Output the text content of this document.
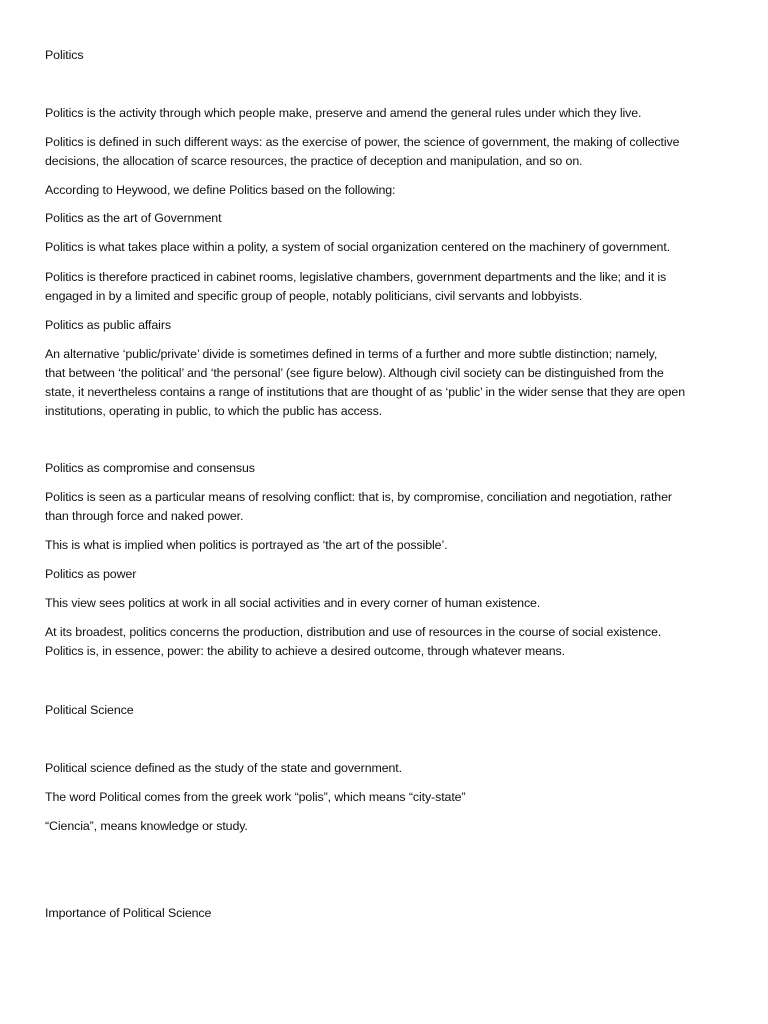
Politics
Politics is the activity through which people make, preserve and amend the general rules under which they live.
Politics is defined in such different ways: as the exercise of power, the science of government, the making of collective
decisions, the allocation of scarce resources, the practice of deception and manipulation, and so on.
According to Heywood, we define Politics based on the following:
Politics as the art of Government
Politics is what takes place within a polity, a system of social organization centered on the machinery of government.
Politics is therefore practiced in cabinet rooms, legislative chambers, government departments and the like; and it is
engaged in by a limited and specific group of people, notably politicians, civil servants and lobbyists.
Politics as public affairs
An alternative ‘public/private’ divide is sometimes defined in terms of a further and more subtle distinction; namely,
that between ‘the political’ and ‘the personal’ (see figure below). Although civil society can be distinguished from the
state, it nevertheless contains a range of institutions that are thought of as ‘public’ in the wider sense that they are open
institutions, operating in public, to which the public has access.
Politics as compromise and consensus
Politics is seen as a particular means of resolving conflict: that is, by compromise, conciliation and negotiation, rather
than through force and naked power.
This is what is implied when politics is portrayed as ‘the art of the possible’.
Politics as power
This view sees politics at work in all social activities and in every corner of human existence.
At its broadest, politics concerns the production, distribution and use of resources in the course of social existence.
Politics is, in essence, power: the ability to achieve a desired outcome, through whatever means.
Political Science
Political science defined as the study of the state and government.
The word Political comes from the greek work “polis”, which means “city-state”
“Ciencia”, means knowledge or study.
Importance of Political Science
